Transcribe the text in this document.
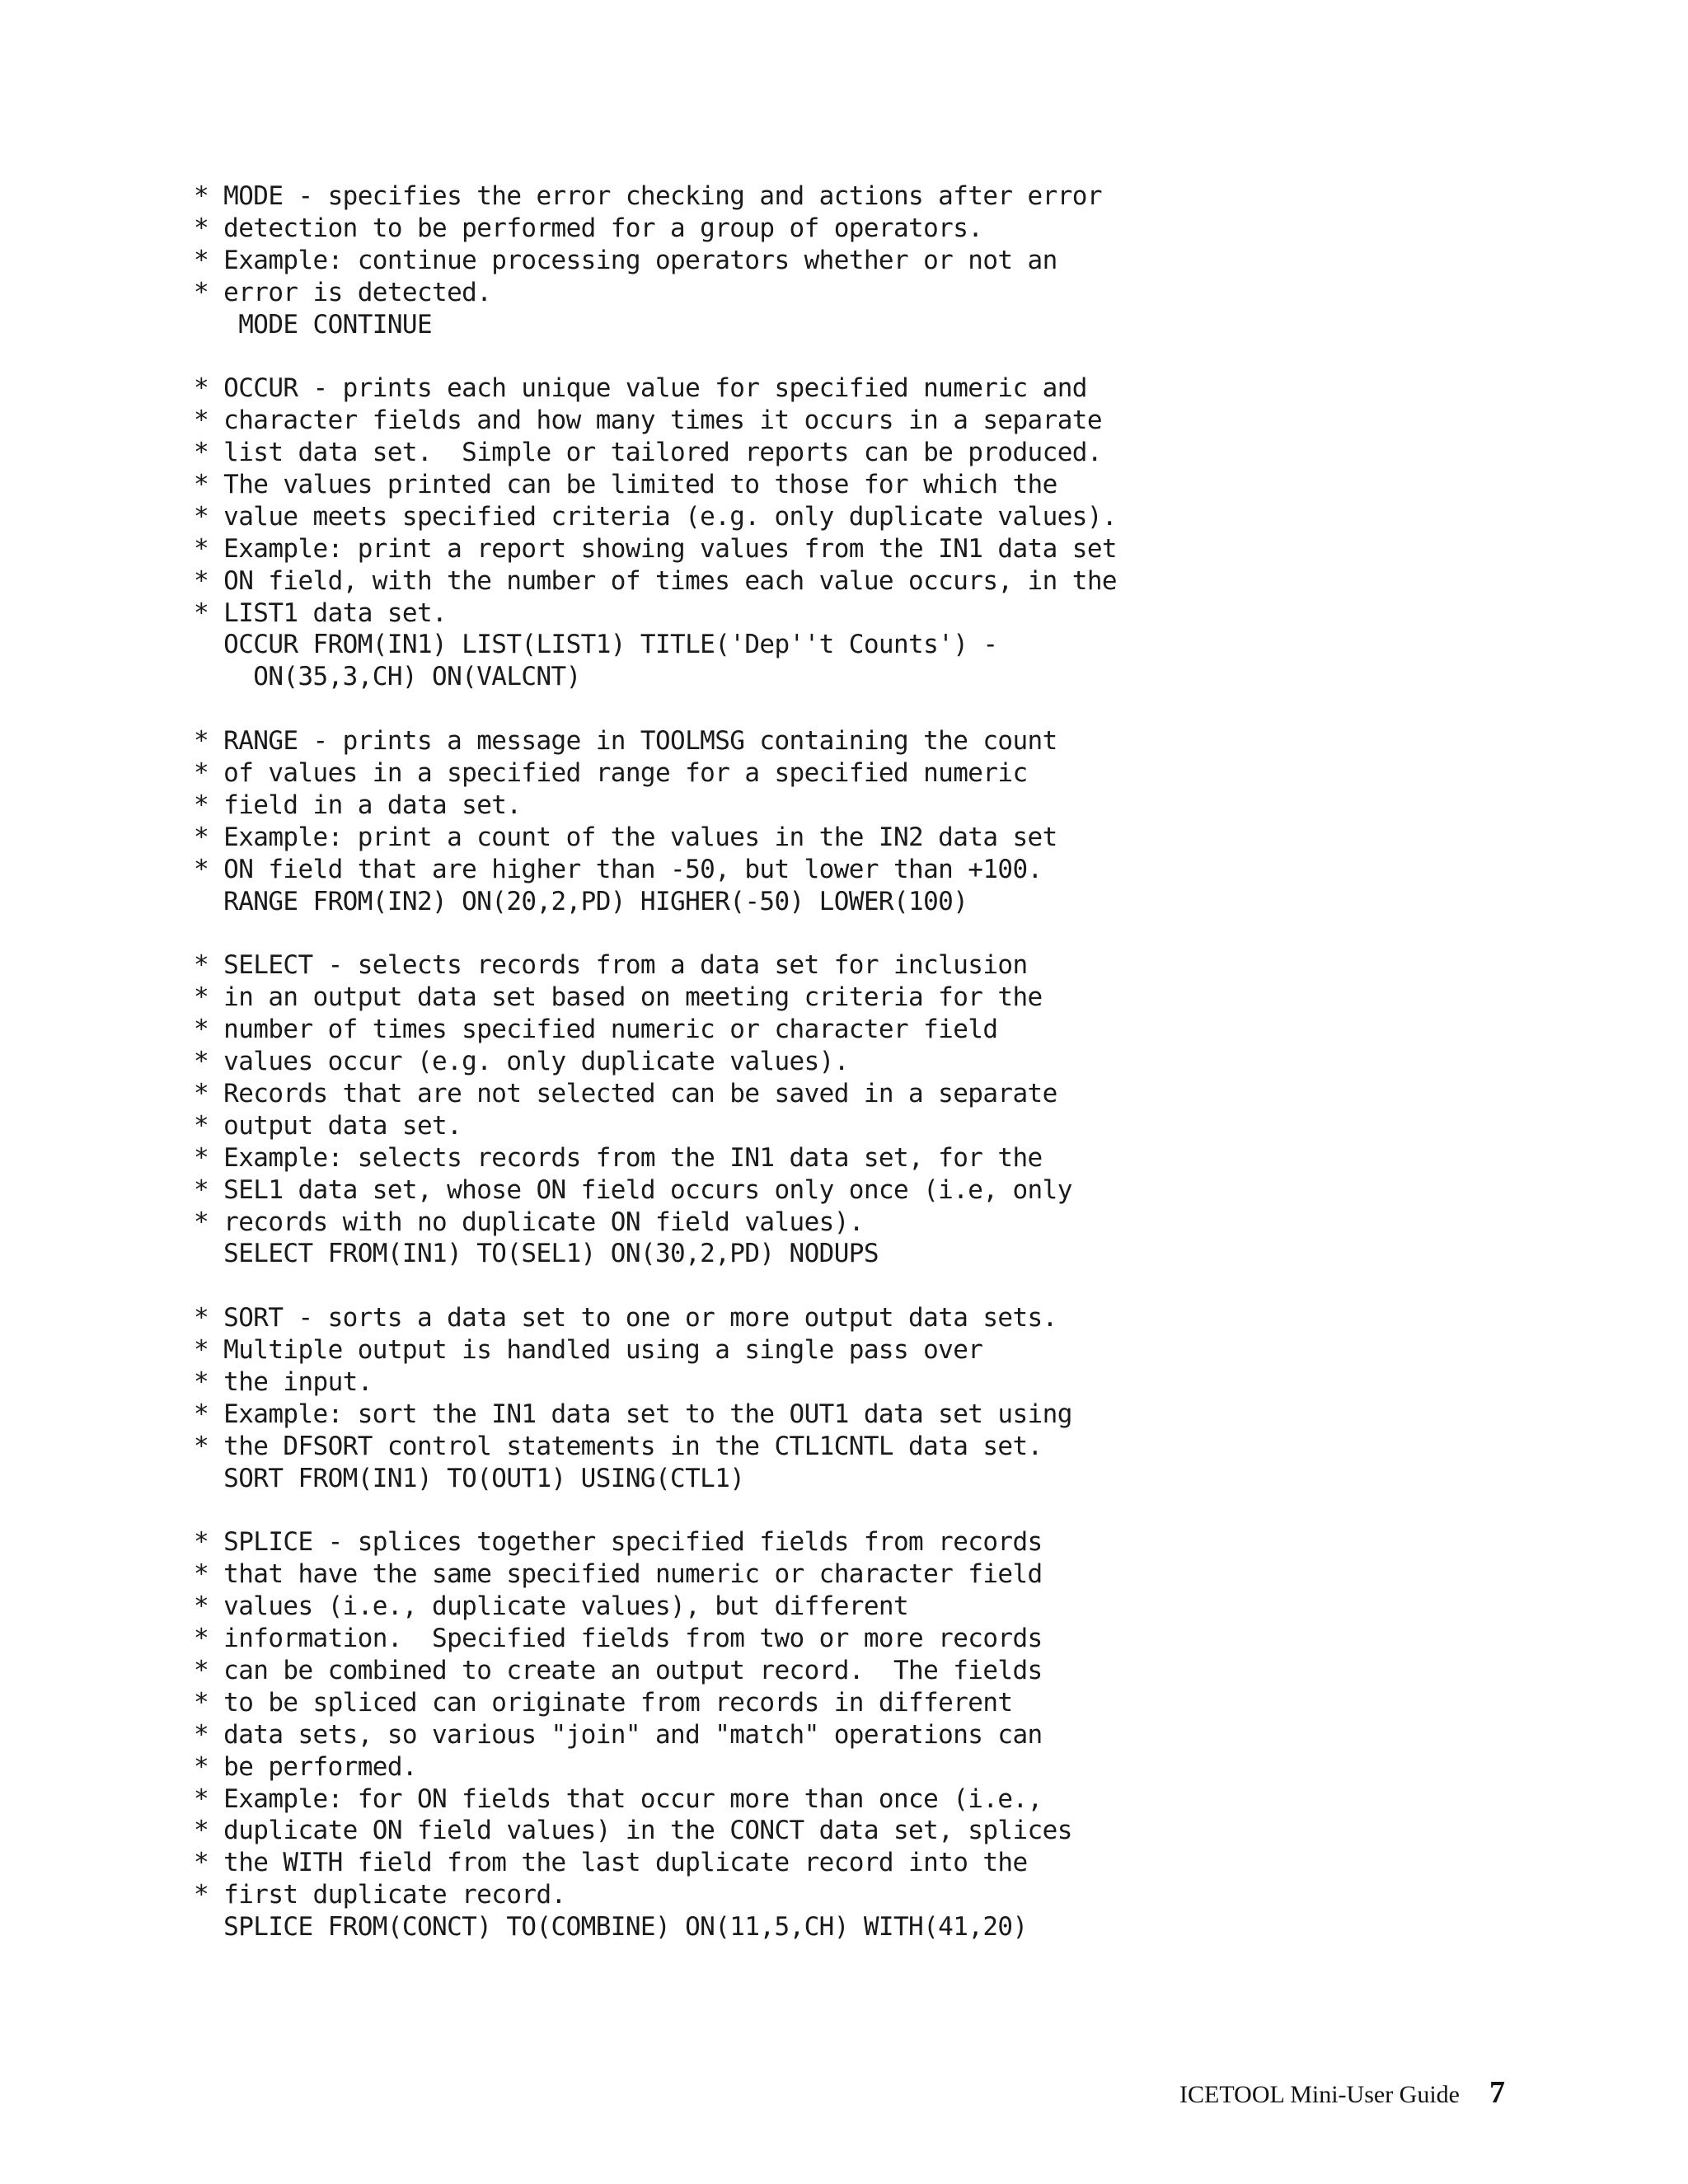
* MODE - specifies the error checking and actions after error
* detection to be performed for a group of operators.
* Example: continue processing operators whether or not an
* error is detected.
MODE CONTINUE
* OCCUR - prints each unique value for specified numeric and
* character fields and how many times it occurs in a separate
* list data set.  Simple or tailored reports can be produced.
* The values printed can be limited to those for which the
* value meets specified criteria (e.g. only duplicate values).
* Example: print a report showing values from the IN1 data set
* ON field, with the number of times each value occurs, in the
* LIST1 data set.
OCCUR FROM(IN1) LIST(LIST1) TITLE('Dep''t Counts') -
ON(35,3,CH) ON(VALCNT)
* RANGE - prints a message in TOOLMSG containing the count
* of values in a specified range for a specified numeric
* field in a data set.
* Example: print a count of the values in the IN2 data set
* ON field that are higher than -50, but lower than +100.
RANGE FROM(IN2) ON(20,2,PD) HIGHER(-50) LOWER(100)
* SELECT - selects records from a data set for inclusion
* in an output data set based on meeting criteria for the
* number of times specified numeric or character field
* values occur (e.g. only duplicate values).
* Records that are not selected can be saved in a separate
* output data set.
* Example: selects records from the IN1 data set, for the
* SEL1 data set, whose ON field occurs only once (i.e, only
* records with no duplicate ON field values).
SELECT FROM(IN1) TO(SEL1) ON(30,2,PD) NODUPS
* SORT - sorts a data set to one or more output data sets.
* Multiple output is handled using a single pass over
* the input.
* Example: sort the IN1 data set to the OUT1 data set using
* the DFSORT control statements in the CTL1CNTL data set.
SORT FROM(IN1) TO(OUT1) USING(CTL1)
* SPLICE - splices together specified fields from records
* that have the same specified numeric or character field
* values (i.e., duplicate values), but different
* information.  Specified fields from two or more records
* can be combined to create an output record.  The fields
* to be spliced can originate from records in different
* data sets, so various "join" and "match" operations can
* be performed.
* Example: for ON fields that occur more than once (i.e.,
* duplicate ON field values) in the CONCT data set, splices
* the WITH field from the last duplicate record into the
* first duplicate record.
SPLICE FROM(CONCT) TO(COMBINE) ON(11,5,CH) WITH(41,20)
ICETOOL Mini-User Guide 7
